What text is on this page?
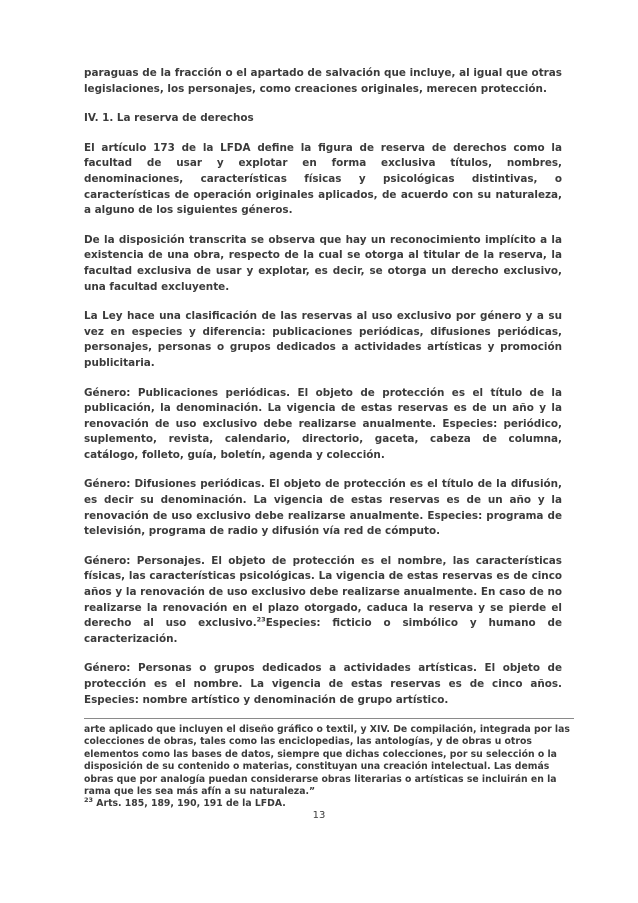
paraguas de la fracción o el apartado de salvación que incluye, al igual que otras legislaciones, los personajes, como creaciones originales, merecen protección.

IV. 1. La reserva de derechos

El artículo 173 de la LFDA define la figura de reserva de derechos como la facultad de usar y explotar en forma exclusiva títulos, nombres, denominaciones, características físicas y psicológicas distintivas, o características de operación originales aplicados, de acuerdo con su naturaleza, a alguno de los siguientes géneros.

De la disposición transcrita se observa que hay un reconocimiento implícito a la existencia de una obra, respecto de la cual se otorga al titular de la reserva, la facultad exclusiva de usar y explotar, es decir, se otorga un derecho exclusivo, una facultad excluyente.

La Ley hace una clasificación de las reservas al uso exclusivo por género y a su vez en especies y diferencia: publicaciones periódicas, difusiones periódicas, personajes, personas o grupos dedicados a actividades artísticas y promoción publicitaria.

Género: Publicaciones periódicas. El objeto de protección es el título de la publicación, la denominación. La vigencia de estas reservas es de un año y la renovación de uso exclusivo debe realizarse anualmente. Especies: periódico, suplemento, revista, calendario, directorio, gaceta, cabeza de columna, catálogo, folleto, guía, boletín, agenda y colección.

Género: Difusiones periódicas. El objeto de protección es el título de la difusión, es decir su denominación. La vigencia de estas reservas es de un año y la renovación de uso exclusivo debe realizarse anualmente. Especies: programa de televisión, programa de radio y difusión vía red de cómputo.

Género: Personajes. El objeto de protección es el nombre, las características físicas, las características psicológicas. La vigencia de estas reservas es de cinco años y la renovación de uso exclusivo debe realizarse anualmente. En caso de no realizarse la renovación en el plazo otorgado, caduca la reserva y se pierde el derecho al uso exclusivo.$^{23}$Especies: ficticio o simbólico y humano de caracterización.

Género: Personas o grupos dedicados a actividades artísticas. El objeto de protección es el nombre. La vigencia de estas reservas es de cinco años. Especies: nombre artístico y denominación de grupo artístico.

arte aplicado que incluyen el diseño gráfico o textil, y XIV. De compilación, integrada por las colecciones de obras, tales como las enciclopedias, las antologías, y de obras u otros elementos como las bases de datos, siempre que dichas colecciones, por su selección o la disposición de su contenido o materias, constituyan una creación intelectual. Las demás obras que por analogía puedan considerarse obras literarias o artísticas se incluirán en la rama que les sea más afín a su naturaleza.”

$^{23}$ Arts. 185, 189, 190, 191 de la LFDA.

13
